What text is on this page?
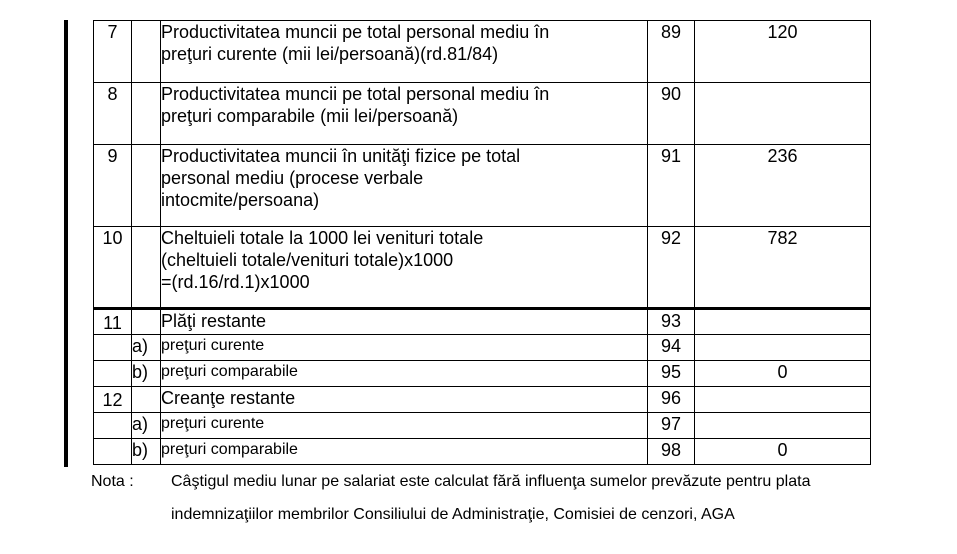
7		Productivitatea muncii pe total personal mediu în
preţuri curente (mii lei/persoană)(rd.81/84)	89	120
8		Productivitatea muncii pe total personal mediu în
preţuri comparabile (mii lei/persoană)	90	
9		Productivitatea muncii în unităţi fizice pe total
personal mediu (procese verbale
intocmite/persoana)	91	236
10		Cheltuieli totale la 1000 lei venituri totale
(cheltuieli totale/venituri totale)x1000
=(rd.16/rd.1)x1000	92	782
11		Plăţi restante	93	
	a)	preţuri curente	94	
	b)	preţuri comparabile	95	0
12		Creanţe restante	96	
	a)	preţuri curente	97	
	b)	preţuri comparabile	98	0
Nota : Câştigul mediu lunar pe salariat este calculat fără influenţa sumelor prevăzute pentru plata
indemnizaţiilor membrilor Consiliului de Administraţie, Comisiei de cenzori, AGA
